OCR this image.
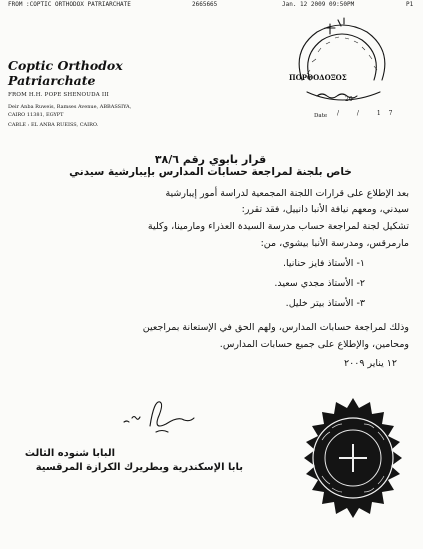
FROM :COPTIC ORTHODOX PATRIARCHATE	2665665	Jan. 12 2009 09:50PM	P1
Coptic Orthodox Patriarchate
FROM H.H. POPE SHENOUDA III
Deir Anba Ruweis, Ramses Avenue, ABBASSIYA,
CAIRO 11381, EGYPT
CABLE : EL ANBA RUEISS, CAIRO.
ΠΟΡΘΟΔΟΞΟΣ
20
Date / / 17
قرار بابوي رقم ٣٨/٦
خاص بلجنة لمراجعة حسابات المدارس بإيبارشية سيدني
بعد الإطلاع على قرارات اللجنة المجمعية لدراسة أمور إيبارشية
سيدني، ومعهم نيافة الأنبا دانييل، فقد تقرر:
تشكيل لجنة لمراجعة حساب مدرسة السيدة العذراء ومارمينا، وكلية
مارمرقس، ومدرسة الأنبا بيشوي، من:
١- الأستاذ فايز حنانيا.
٢- الأستاذ مجدي سعيد.
٣- الأستاذ بيتر خليل.
وذلك لمراجعة حسابات المدارس، ولهم الحق في الإستعانة بمراجعين
ومحامين، والإطلاع على جميع حسابات المدارس.
١٢ يناير ٢٠٠٩
البابا شنوده الثالث
بابا الإسكندرية وبطريرك الكرازة المرقسية
